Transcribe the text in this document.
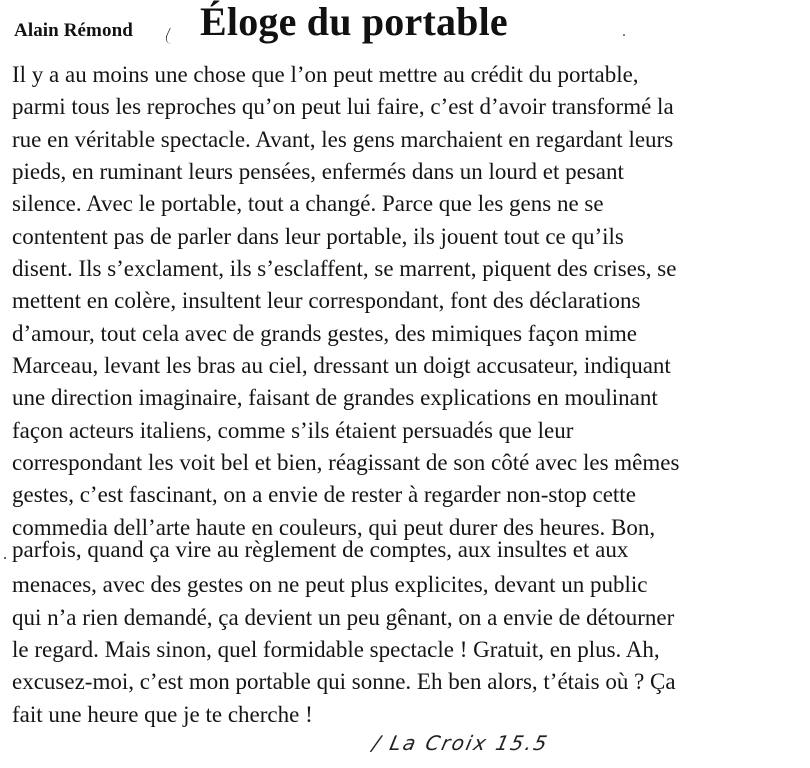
Alain Rémond Éloge du portable
Il y a au moins une chose que l’on peut mettre au crédit du portable,
parmi tous les reproches qu’on peut lui faire, c’est d’avoir transformé la
rue en véritable spectacle. Avant, les gens marchaient en regardant leurs
pieds, en ruminant leurs pensées, enfermés dans un lourd et pesant
silence. Avec le portable, tout a changé. Parce que les gens ne se
contentent pas de parler dans leur portable, ils jouent tout ce qu’ils
disent. Ils s’exclament, ils s’esclaffent, se marrent, piquent des crises, se
mettent en colère, insultent leur correspondant, font des déclarations
d’amour, tout cela avec de grands gestes, des mimiques façon mime
Marceau, levant les bras au ciel, dressant un doigt accusateur, indiquant
une direction imaginaire, faisant de grandes explications en moulinant
façon acteurs italiens, comme s’ils étaient persuadés que leur
correspondant les voit bel et bien, réagissant de son côté avec les mêmes
gestes, c’est fascinant, on a envie de rester à regarder non-stop cette
commedia dell’arte haute en couleurs, qui peut durer des heures. Bon,
parfois, quand ça vire au règlement de comptes, aux insultes et aux
menaces, avec des gestes on ne peut plus explicites, devant un public
qui n’a rien demandé, ça devient un peu gênant, on a envie de détourner
le regard. Mais sinon, quel formidable spectacle ! Gratuit, en plus. Ah,
excusez-moi, c’est mon portable qui sonne. Eh ben alors, t’étais où ? Ça
fait une heure que je te cherche !
/ La Croix 15.5
